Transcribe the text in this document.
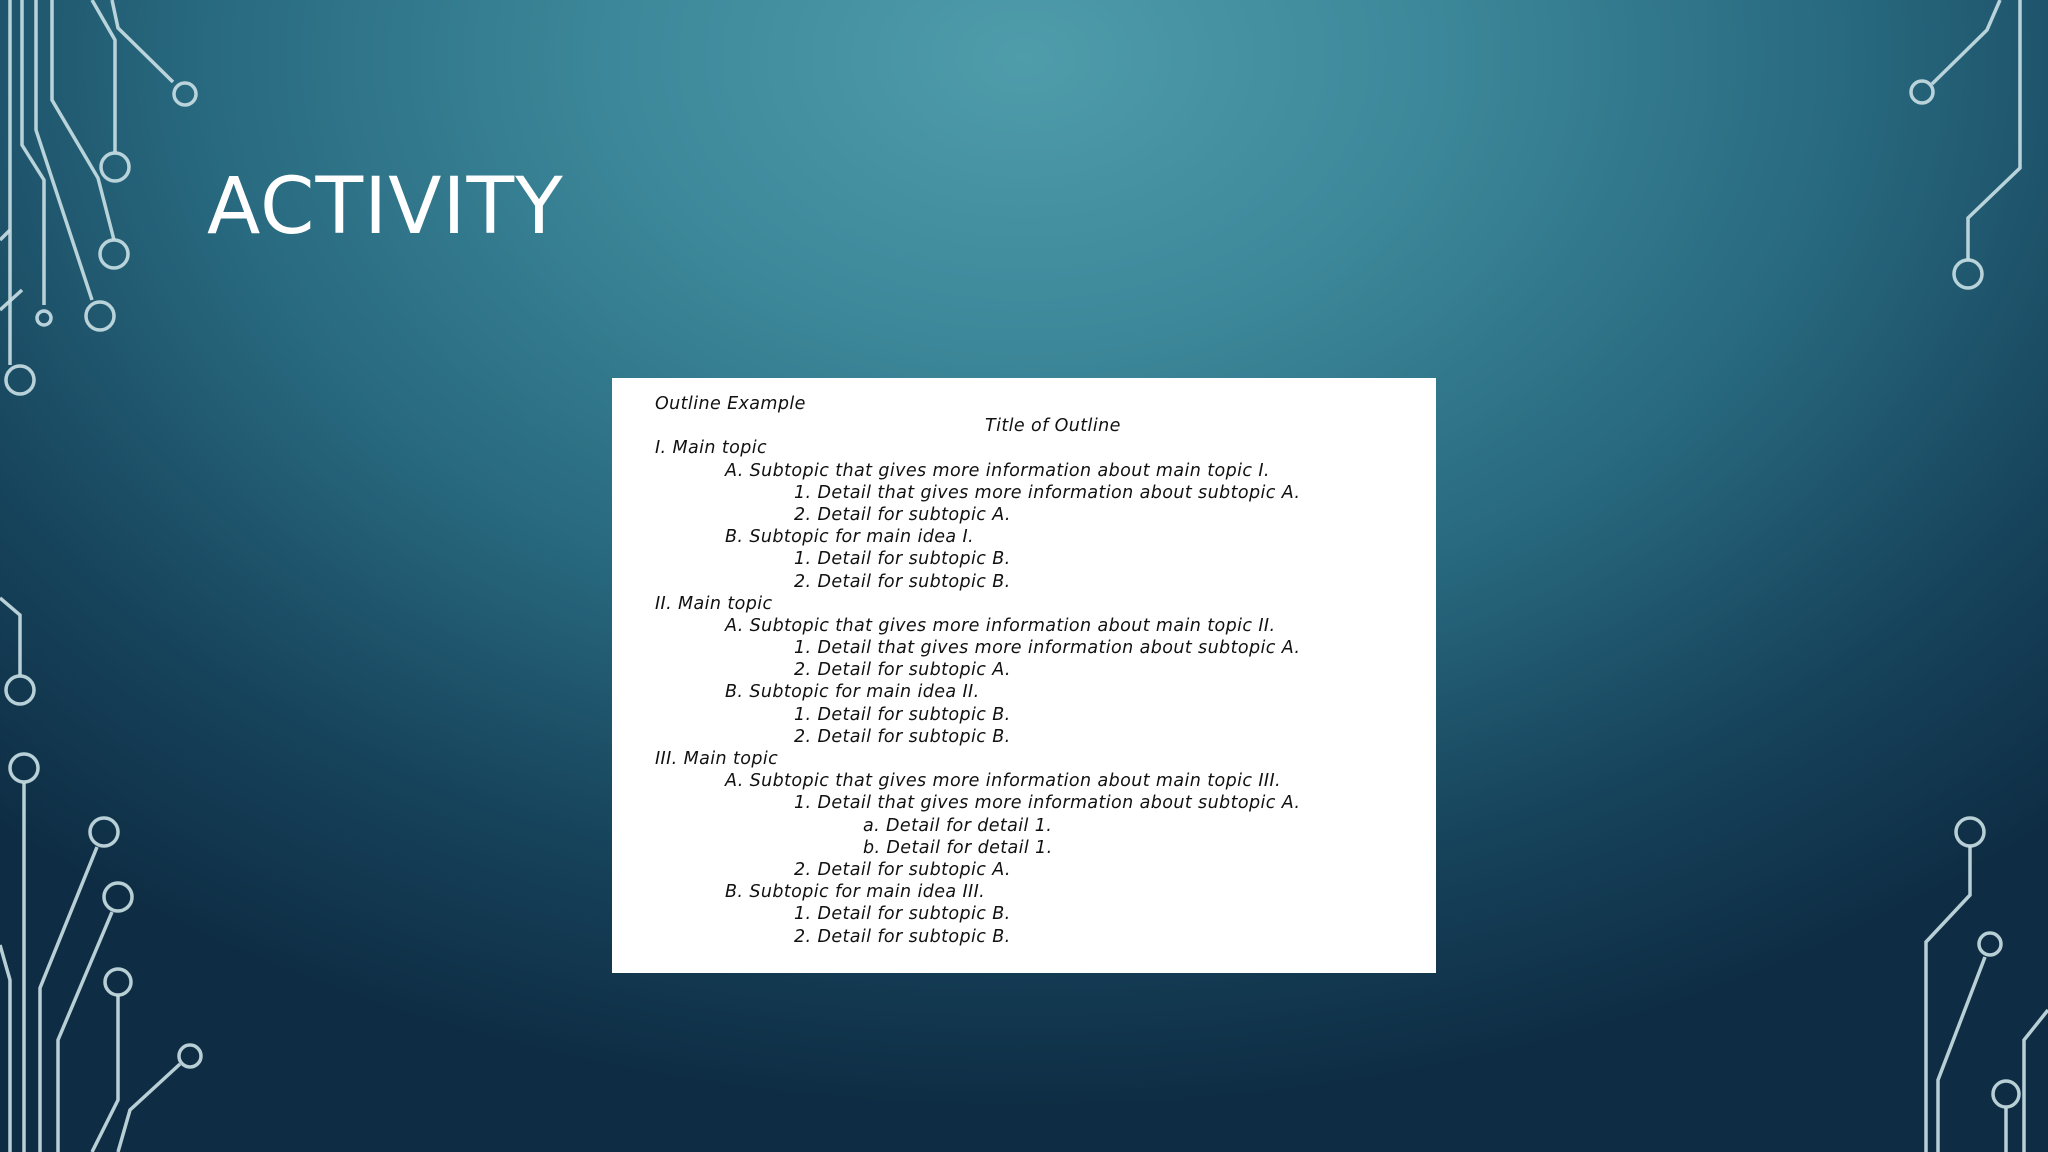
ACTIVITY
Outline Example
Title of Outline
I. Main topic
A. Subtopic that gives more information about main topic I.
1. Detail that gives more information about subtopic A.
2. Detail for subtopic A.
B. Subtopic for main idea I.
1. Detail for subtopic B.
2. Detail for subtopic B.
II. Main topic
A. Subtopic that gives more information about main topic II.
1. Detail that gives more information about subtopic A.
2. Detail for subtopic A.
B. Subtopic for main idea II.
1. Detail for subtopic B.
2. Detail for subtopic B.
III. Main topic
A. Subtopic that gives more information about main topic III.
1. Detail that gives more information about subtopic A.
a. Detail for detail 1.
b. Detail for detail 1.
2. Detail for subtopic A.
B. Subtopic for main idea III.
1. Detail for subtopic B.
2. Detail for subtopic B.
